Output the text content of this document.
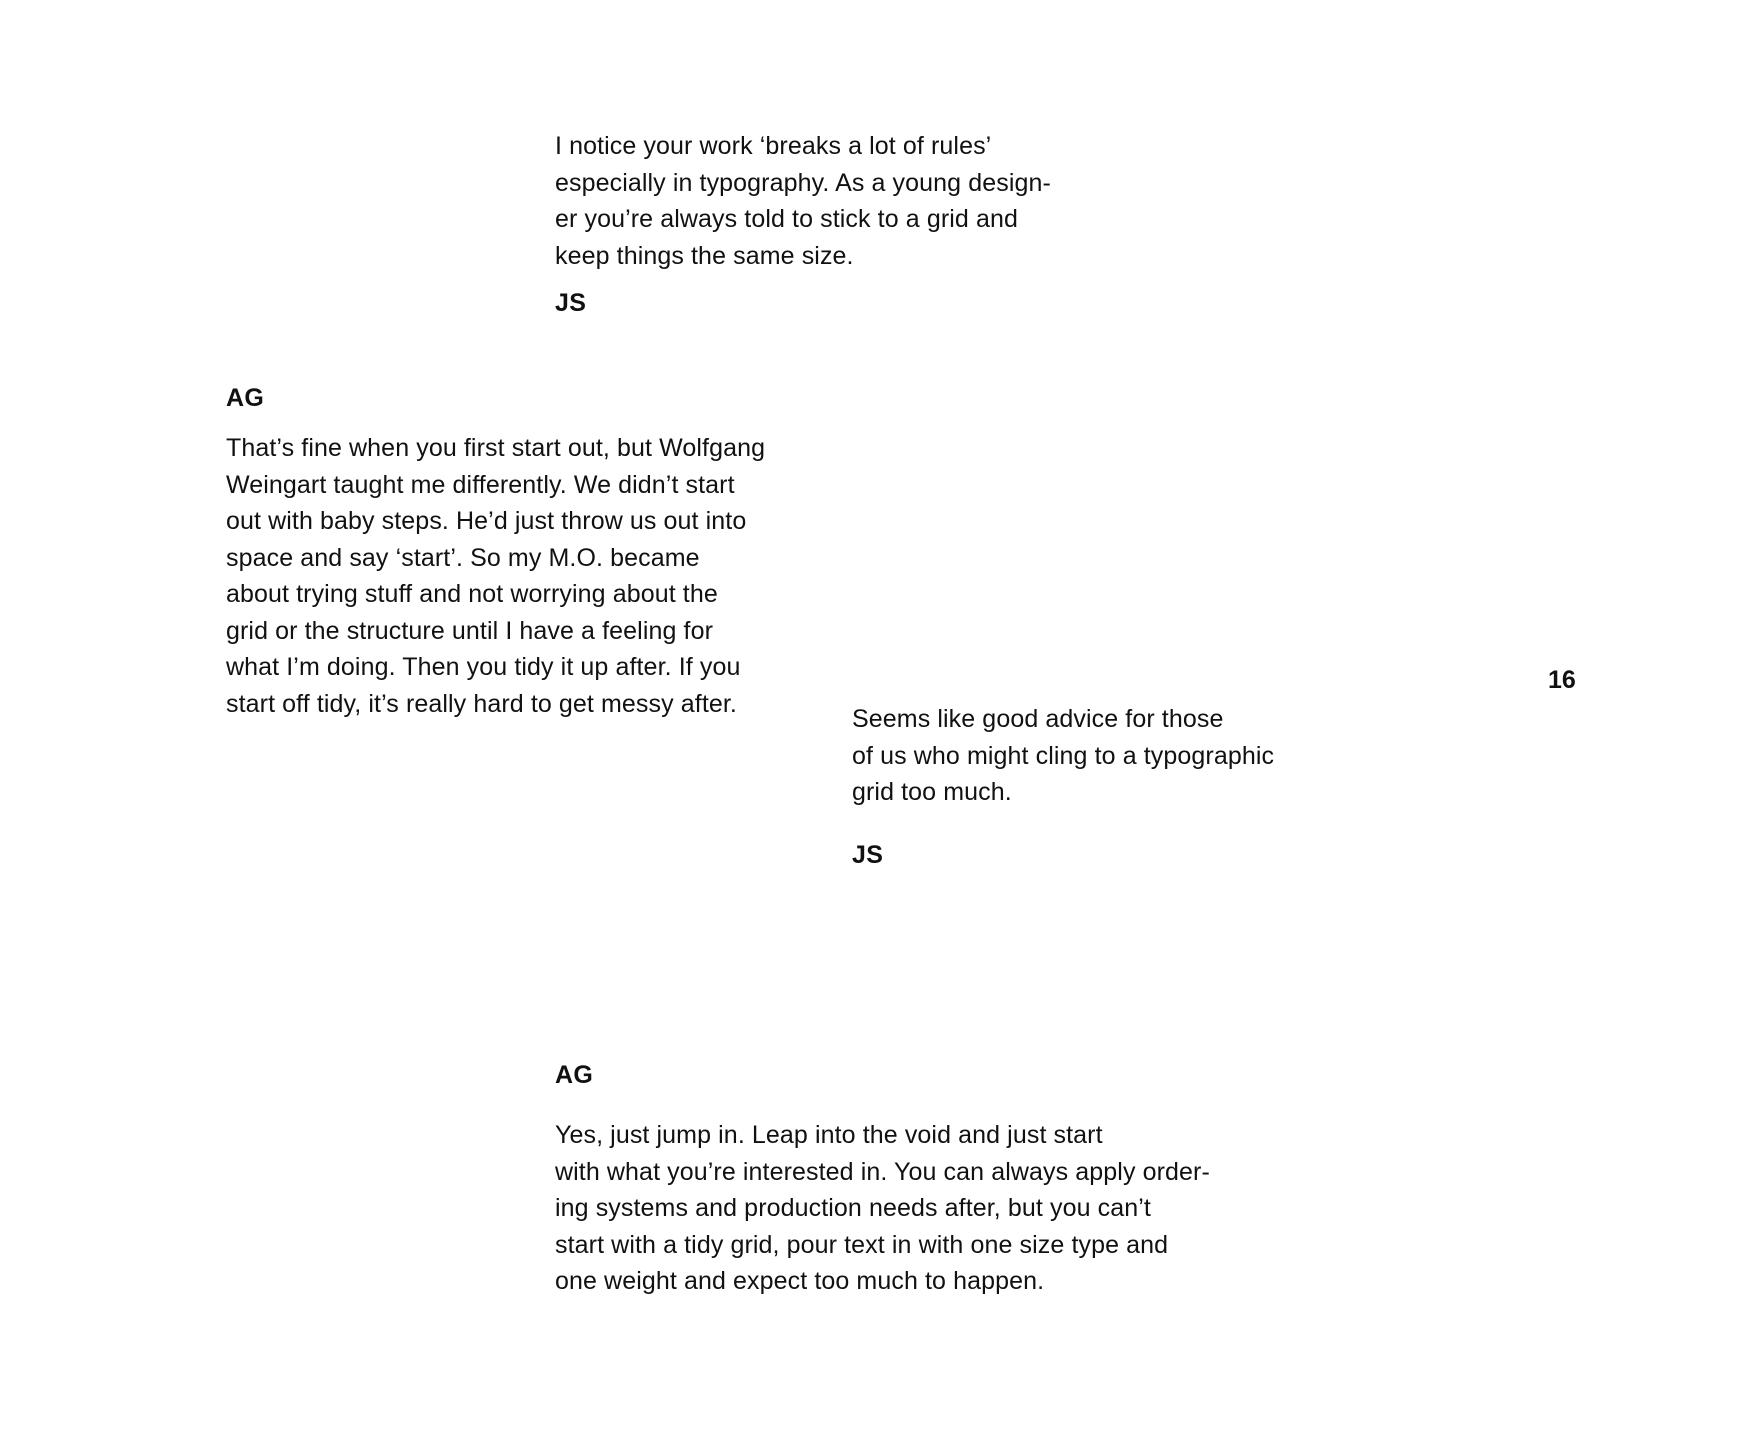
I notice your work ‘breaks a lot of rules’
especially in typography. As a young design-
er you’re always told to stick to a grid and
keep things the same size.
JS
AG
That’s fine when you first start out, but Wolfgang
Weingart taught me differently. We didn’t start
out with baby steps. He’d just throw us out into
space and say ‘start’. So my M.O. became
about trying stuff and not worrying about the
grid or the structure until I have a feeling for
what I’m doing. Then you tidy it up after. If you
start off tidy, it’s really hard to get messy after.
16
Seems like good advice for those
of us who might cling to a typographic
grid too much.
JS
AG
Yes, just jump in. Leap into the void and just start
with what you’re interested in. You can always apply order-
ing systems and production needs after, but you can’t
start with a tidy grid, pour text in with one size type and
one weight and expect too much to happen.
